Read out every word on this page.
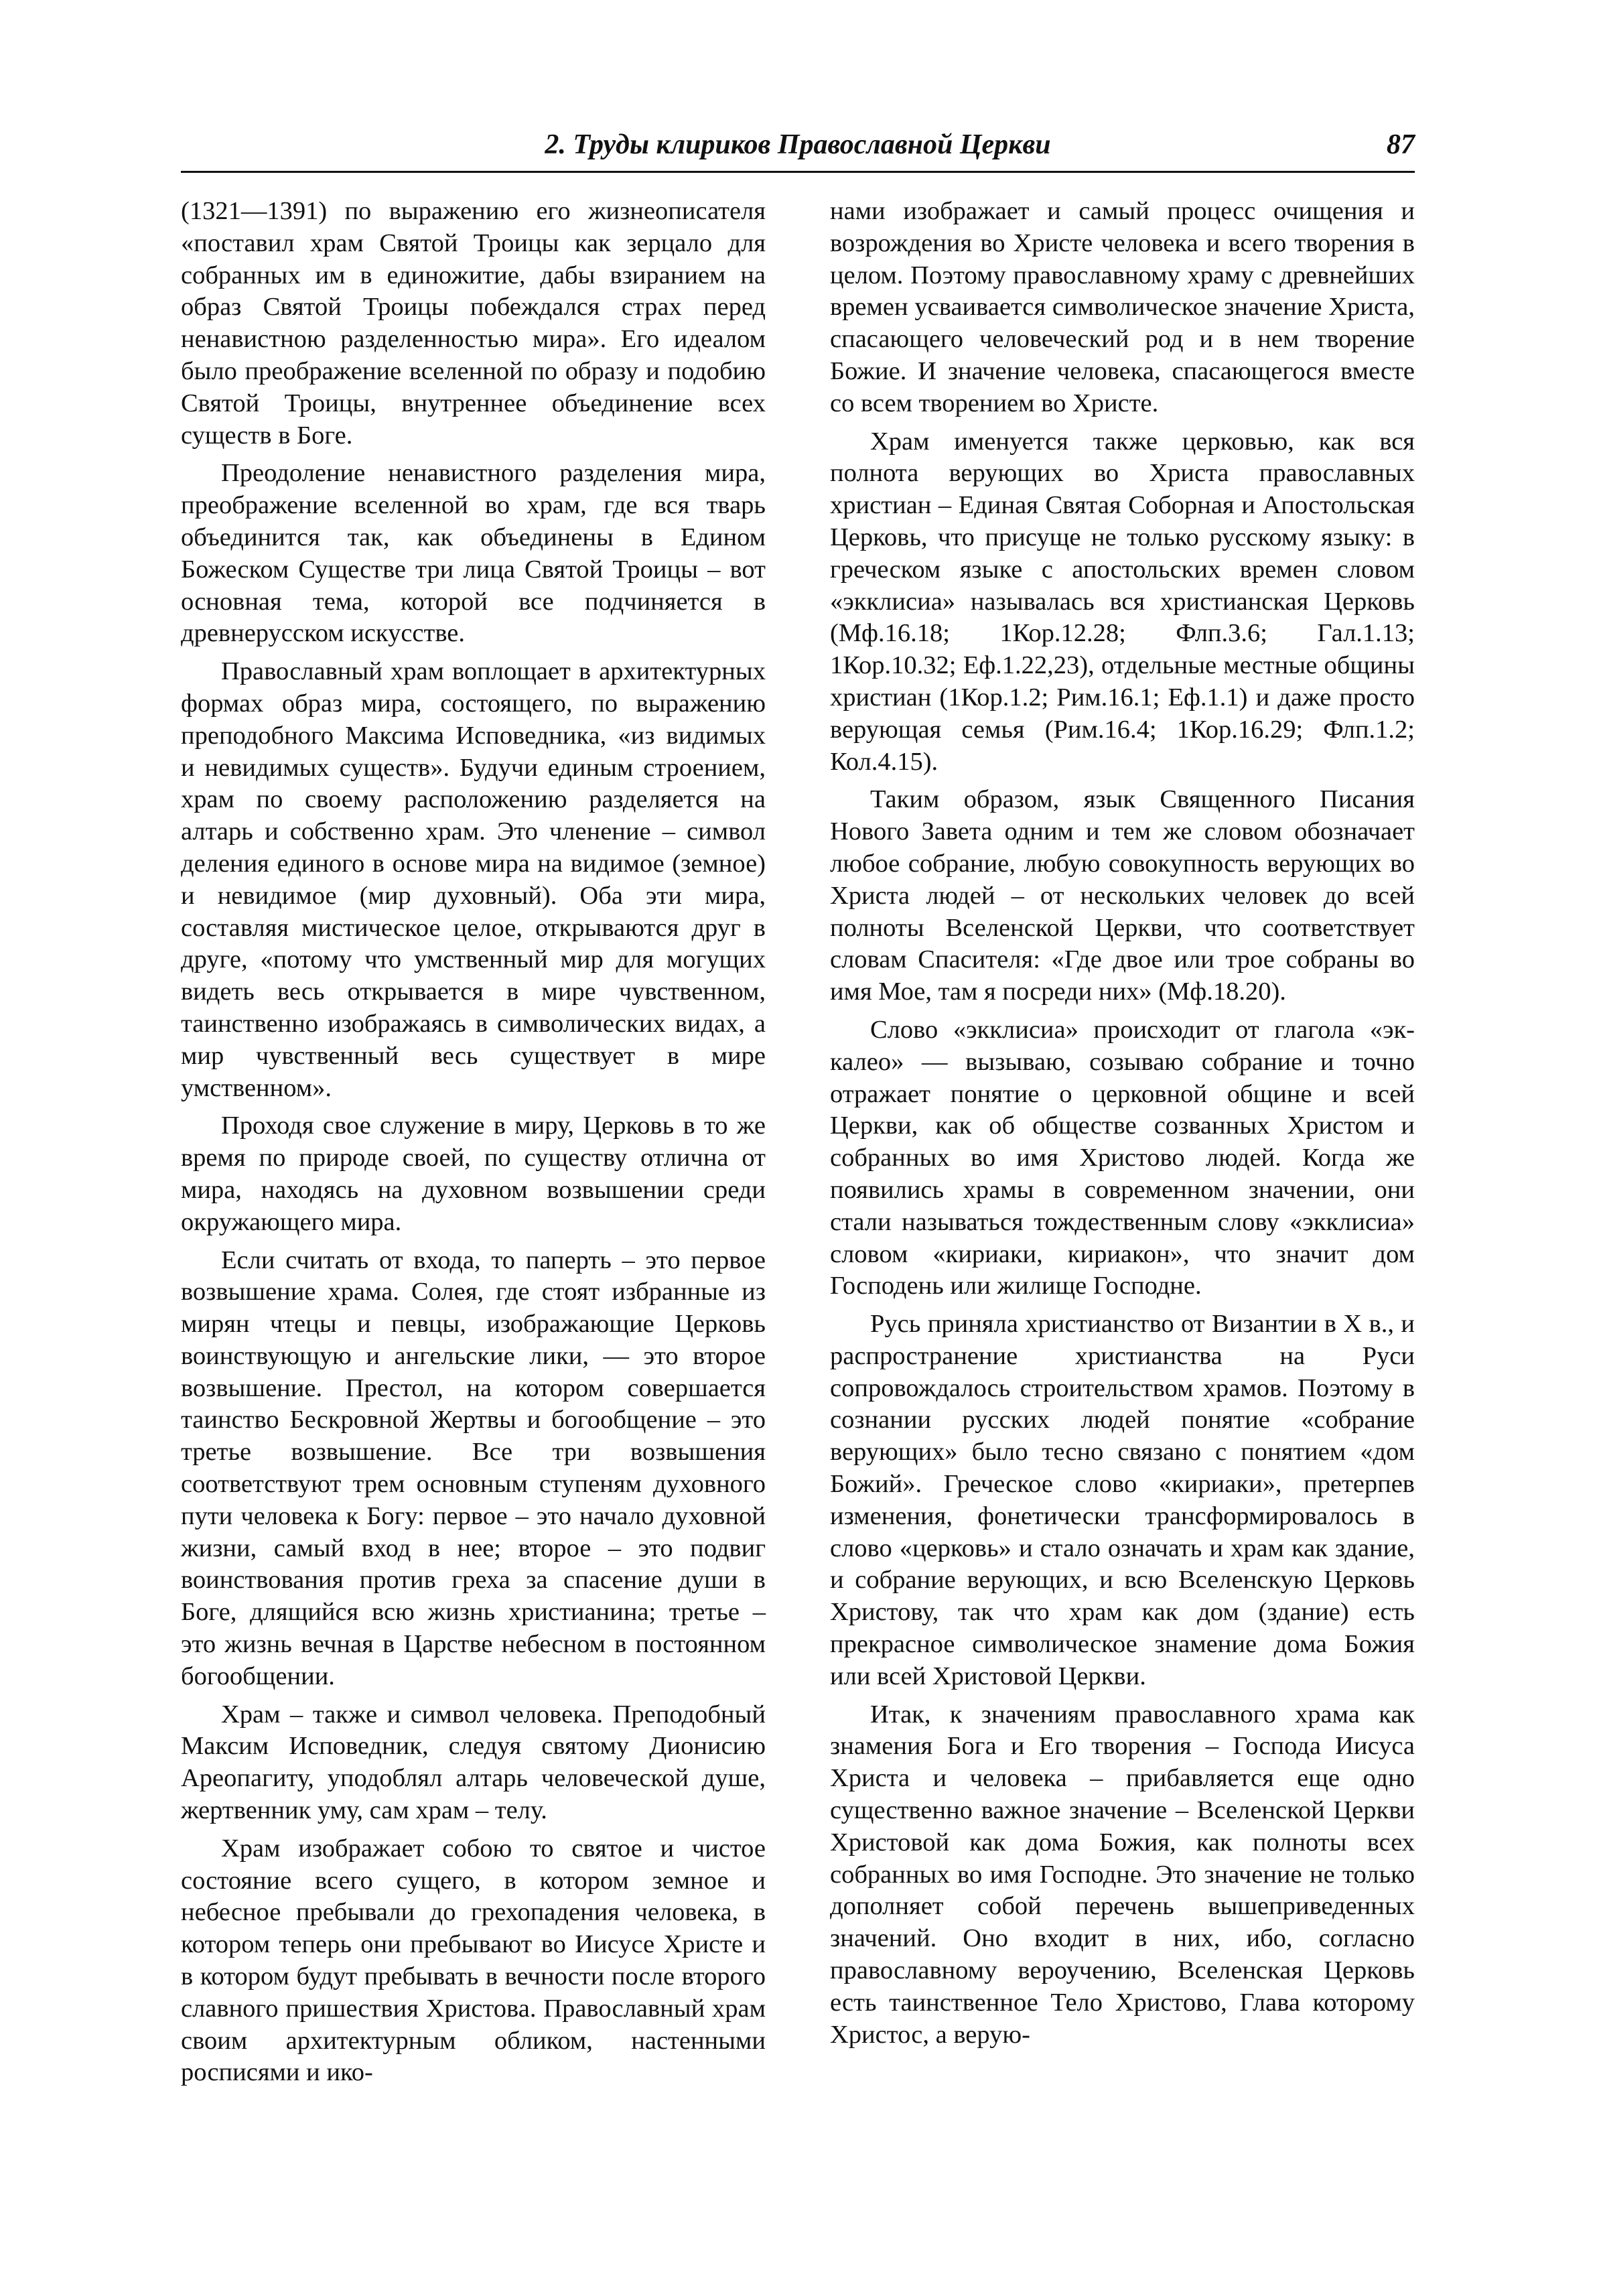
2. Труды клириков Православной Церкви	87

(1321—1391) по выражению его жизнеописателя «поставил храм Святой Троицы как зерцало для собранных им в единожитие, дабы взиранием на образ Святой Троицы побеждался страх перед ненавистною разделенностью мира». Его идеалом было преображение вселенной по образу и подобию Святой Троицы, внутреннее объединение всех существ в Боге.

Преодоление ненавистного разделения мира, преображение вселенной во храм, где вся тварь объединится так, как объединены в Едином Божеском Существе три лица Святой Троицы – вот основная тема, которой все подчиняется в древнерусском искусстве.

Православный храм воплощает в архитектурных формах образ мира, состоящего, по выражению преподобного Максима Исповедника, «из видимых и невидимых существ». Будучи единым строением, храм по своему расположению разделяется на алтарь и собственно храм. Это членение – символ деления единого в основе мира на видимое (земное) и невидимое (мир духовный). Оба эти мира, составляя мистическое целое, открываются друг в друге, «потому что умственный мир для могущих видеть весь открывается в мире чувственном, таинственно изображаясь в символических видах, а мир чувственный весь существует в мире умственном».

Проходя свое служение в миру, Церковь в то же время по природе своей, по существу отлична от мира, находясь на духовном возвышении среди окружающего мира.

Если считать от входа, то паперть – это первое возвышение храма. Солея, где стоят избранные из мирян чтецы и певцы, изображающие Церковь воинствующую и ангельские лики, — это второе возвышение. Престол, на котором совершается таинство Бескровной Жертвы и богообщение – это третье возвышение. Все три возвышения соответствуют трем основным ступеням духовного пути человека к Богу: первое – это начало духовной жизни, самый вход в нее; второе – это подвиг воинствования против греха за спасение души в Боге, длящийся всю жизнь христианина; третье – это жизнь вечная в Царстве небесном в постоянном богообщении.

Храм – также и символ человека. Преподобный Максим Исповедник, следуя святому Дионисию Ареопагиту, уподоблял алтарь человеческой душе, жертвенник уму, сам храм – телу.

Храм изображает собою то святое и чистое состояние всего сущего, в котором земное и небесное пребывали до грехопадения человека, в котором теперь они пребывают во Иисусе Христе и в котором будут пребывать в вечности после второго славного пришествия Христова. Православный храм своим архитектурным обликом, настенными росписями и ико-

нами изображает и самый процесс очищения и возрождения во Христе человека и всего творения в целом. Поэтому православному храму с древнейших времен усваивается символическое значение Христа, спасающего человеческий род и в нем творение Божие. И значение человека, спасающегося вместе со всем творением во Христе.

Храм именуется также церковью, как вся полнота верующих во Христа православных христиан – Единая Святая Соборная и Апостольская Церковь, что присуще не только русскому языку: в греческом языке с апостольских времен словом «экклисиа» называлась вся христианская Церковь (Мф.16.18; 1Кор.12.28; Флп.3.6; Гал.1.13; 1Кор.10.32; Еф.1.22,23), отдельные местные общины христиан (1Кор.1.2; Рим.16.1; Еф.1.1) и даже просто верующая семья (Рим.16.4; 1Кор.16.29; Флп.1.2; Кол.4.15).

Таким образом, язык Священного Писания Нового Завета одним и тем же словом обозначает любое собрание, любую совокупность верующих во Христа людей – от нескольких человек до всей полноты Вселенской Церкви, что соответствует словам Спасителя: «Где двое или трое собраны во имя Мое, там я посреди них» (Мф.18.20).

Слово «экклисиа» происходит от глагола «эк-калео» — вызываю, созываю собрание и точно отражает понятие о церковной общине и всей Церкви, как об обществе созванных Христом и собранных во имя Христово людей. Когда же появились храмы в современном значении, они стали называться тождественным слову «экклисиа» словом «кириаки, кириакон», что значит дом Господень или жилище Господне.

Русь приняла христианство от Византии в X в., и распространение христианства на Руси сопровождалось строительством храмов. Поэтому в сознании русских людей понятие «собрание верующих» было тесно связано с понятием «дом Божий». Греческое слово «кириаки», претерпев изменения, фонетически трансформировалось в слово «церковь» и стало означать и храм как здание, и собрание верующих, и всю Вселенскую Церковь Христову, так что храм как дом (здание) есть прекрасное символическое знамение дома Божия или всей Христовой Церкви.

Итак, к значениям православного храма как знамения Бога и Его творения – Господа Иисуса Христа и человека – прибавляется еще одно существенно важное значение – Вселенской Церкви Христовой как дома Божия, как полноты всех собранных во имя Господне. Это значение не только дополняет собой перечень вышеприведенных значений. Оно входит в них, ибо, согласно православному вероучению, Вселенская Церковь есть таинственное Тело Христово, Глава которому Христос, а верую-
